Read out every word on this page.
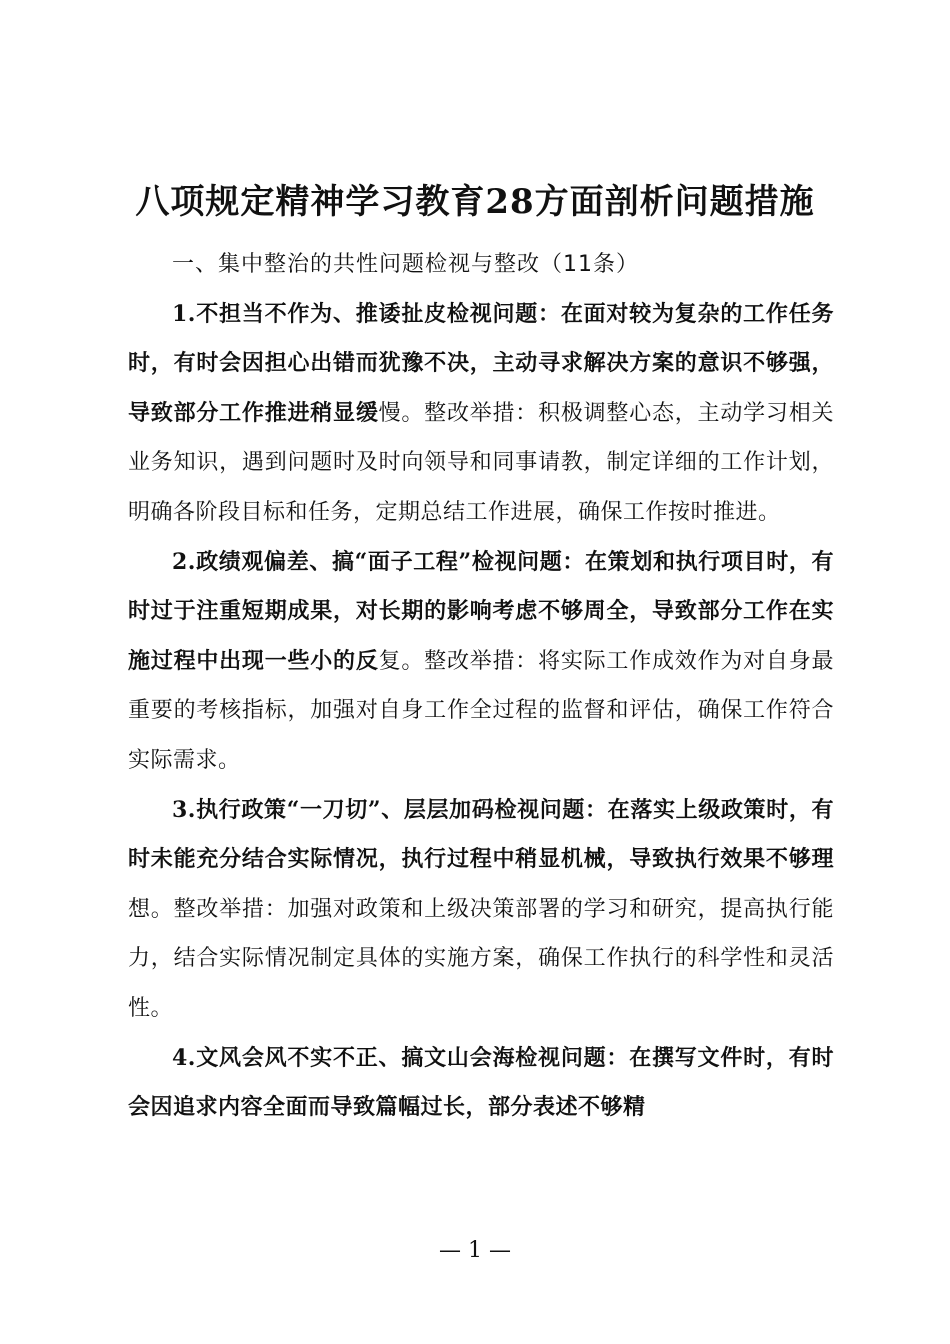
八项规定精神学习教育28方面剖析问题措施

一、集中整治的共性问题检视与整改（11条）

1.不担当不作为、推诿扯皮检视问题：在面对较为复杂的工作任务时，有时会因担心出错而犹豫不决，主动寻求解决方案的意识不够强，导致部分工作推进稍显缓慢。整改举措：积极调整心态，主动学习相关业务知识，遇到问题时及时向领导和同事请教，制定详细的工作计划，明确各阶段目标和任务，定期总结工作进展，确保工作按时推进。

2.政绩观偏差、搞“面子工程”检视问题：在策划和执行项目时，有时过于注重短期成果，对长期的影响考虑不够周全，导致部分工作在实施过程中出现一些小的反复。整改举措：将实际工作成效作为对自身最重要的考核指标，加强对自身工作全过程的监督和评估，确保工作符合实际需求。

3.执行政策“一刀切”、层层加码检视问题：在落实上级政策时，有时未能充分结合实际情况，执行过程中稍显机械，导致执行效果不够理想。整改举措：加强对政策和上级决策部署的学习和研究，提高执行能力，结合实际情况制定具体的实施方案，确保工作执行的科学性和灵活性。

4.文风会风不实不正、搞文山会海检视问题：在撰写文件时，有时会因追求内容全面而导致篇幅过长，部分表述不够精

— 1 —
